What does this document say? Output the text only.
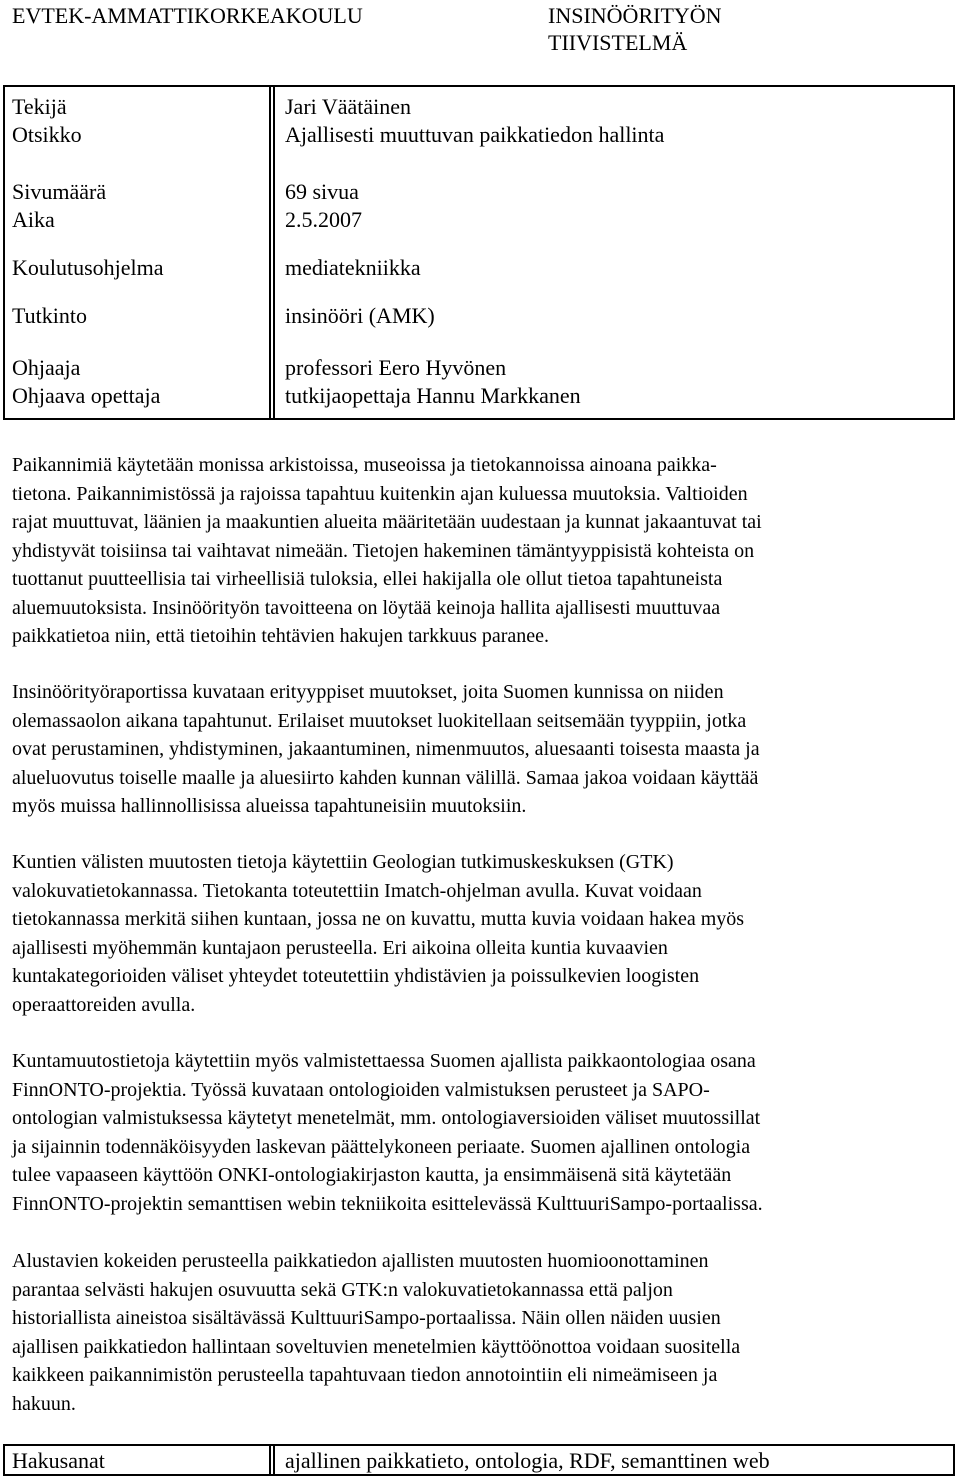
EVTEK-AMMATTIKORKEAKOULU	INSINÖÖRITYÖN
TIIVISTELMÄ
Tekijä	Jari Väätäinen
Otsikko	Ajallisesti muuttuvan paikkatiedon hallinta
Sivumäärä	69 sivua
Aika	2.5.2007
Koulutusohjelma	mediatekniikka
Tutkinto	insinööri (AMK)
Ohjaaja	professori Eero Hyvönen
Ohjaava opettaja	tutkijaopettaja Hannu Markkanen
Paikannimiä käytetään monissa arkistoissa, museoissa ja tietokannoissa ainoana paikka-
tietona. Paikannimistössä ja rajoissa tapahtuu kuitenkin ajan kuluessa muutoksia. Valtioiden
rajat muuttuvat, läänien ja maakuntien alueita määritetään uudestaan ja kunnat jakaantuvat tai
yhdistyvät toisiinsa tai vaihtavat nimeään. Tietojen hakeminen tämäntyyppisistä kohteista on
tuottanut puutteellisia tai virheellisiä tuloksia, ellei hakijalla ole ollut tietoa tapahtuneista
aluemuutoksista. Insinöörityön tavoitteena on löytää keinoja hallita ajallisesti muuttuvaa
paikkatietoa niin, että tietoihin tehtävien hakujen tarkkuus paranee.
Insinöörityöraportissa kuvataan erityyppiset muutokset, joita Suomen kunnissa on niiden
olemassaolon aikana tapahtunut. Erilaiset muutokset luokitellaan seitsemään tyyppiin, jotka
ovat perustaminen, yhdistyminen, jakaantuminen, nimenmuutos, aluesaanti toisesta maasta ja
alueluovutus toiselle maalle ja aluesiirto kahden kunnan välillä. Samaa jakoa voidaan käyttää
myös muissa hallinnollisissa alueissa tapahtuneisiin muutoksiin.
Kuntien välisten muutosten tietoja käytettiin Geologian tutkimuskeskuksen (GTK)
valokuvatietokannassa. Tietokanta toteutettiin Imatch-ohjelman avulla. Kuvat voidaan
tietokannassa merkitä siihen kuntaan, jossa ne on kuvattu, mutta kuvia voidaan hakea myös
ajallisesti myöhemmän kuntajaon perusteella. Eri aikoina olleita kuntia kuvaavien
kuntakategorioiden väliset yhteydet toteutettiin yhdistävien ja poissulkevien loogisten
operaattoreiden avulla.
Kuntamuutostietoja käytettiin myös valmistettaessa Suomen ajallista paikkaontologiaa osana
FinnONTO-projektia. Työssä kuvataan ontologioiden valmistuksen perusteet ja SAPO-
ontologian valmistuksessa käytetyt menetelmät, mm. ontologiaversioiden väliset muutossillat
ja sijainnin todennäköisyyden laskevan päättelykoneen periaate. Suomen ajallinen ontologia
tulee vapaaseen käyttöön ONKI-ontologiakirjaston kautta, ja ensimmäisenä sitä käytetään
FinnONTO-projektin semanttisen webin tekniikoita esittelevässä KulttuuriSampo-portaalissa.
Alustavien kokeiden perusteella paikkatiedon ajallisten muutosten huomioonottaminen
parantaa selvästi hakujen osuvuutta sekä GTK:n valokuvatietokannassa että paljon
historiallista aineistoa sisältävässä KulttuuriSampo-portaalissa. Näin ollen näiden uusien
ajallisen paikkatiedon hallintaan soveltuvien menetelmien käyttöönottoa voidaan suositella
kaikkeen paikannimistön perusteella tapahtuvaan tiedon annotointiin eli nimeämiseen ja
hakuun.
Hakusanat	ajallinen paikkatieto, ontologia, RDF, semanttinen web
